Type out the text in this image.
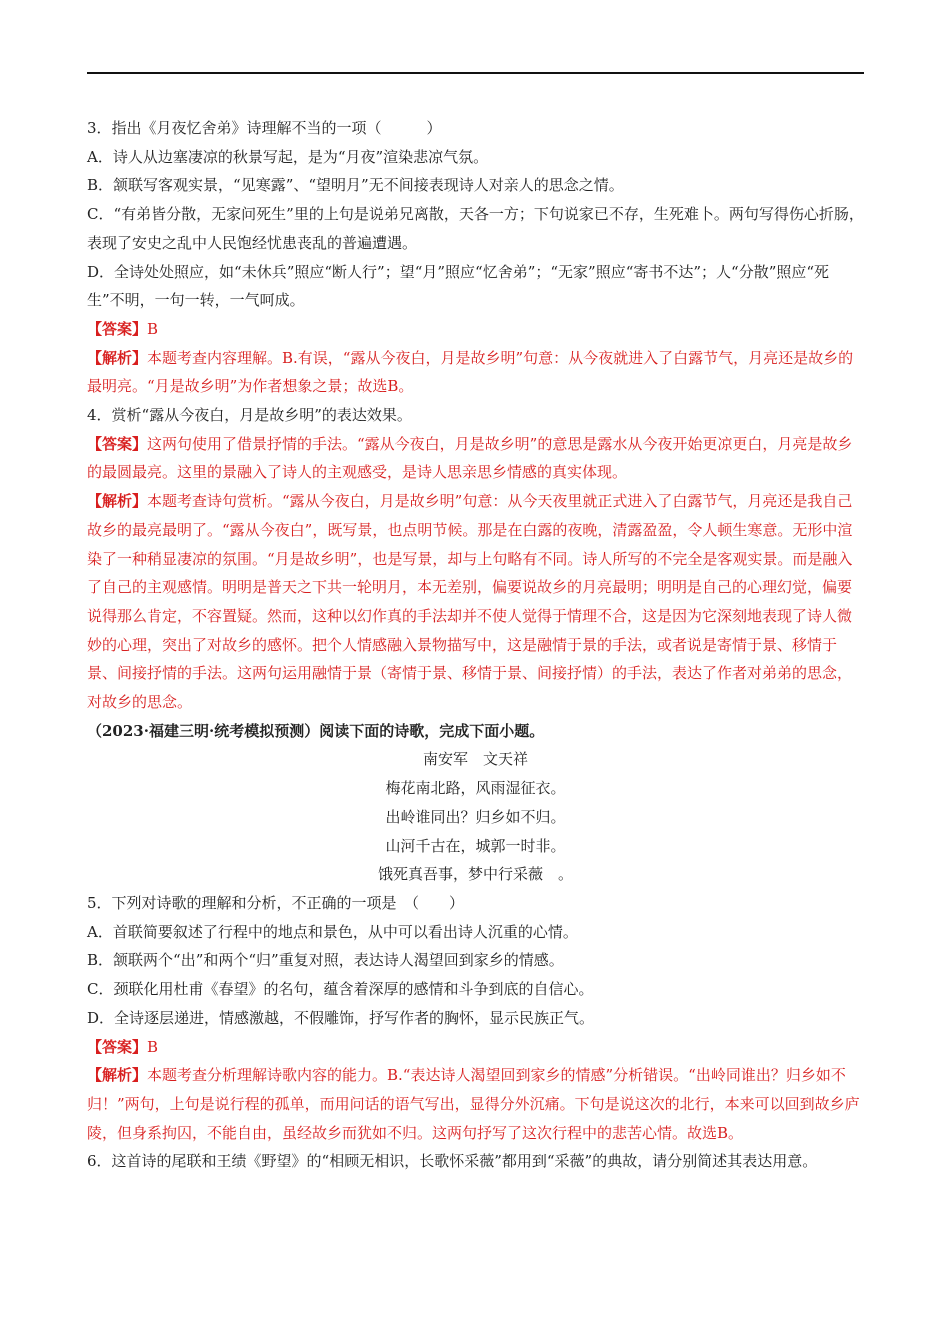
3．指出《月夜忆舍弟》诗理解不当的一项（　　　）

A．诗人从边塞凄凉的秋景写起，是为“月夜”渲染悲凉气氛。

B．颔联写客观实景，“见寒露”、“望明月”无不间接表现诗人对亲人的思念之情。

C．“有弟皆分散，无家问死生”里的上句是说弟兄离散，天各一方；下句说家已不存，生死难卜。两句写得伤心折肠，表现了安史之乱中人民饱经忧患丧乱的普遍遭遇。

D．全诗处处照应，如“未休兵”照应“断人行”；望“月”照应“忆舍弟”；“无家”照应“寄书不达”；人“分散”照应“死生”不明，一句一转，一气呵成。

【答案】B

【解析】本题考查内容理解。B.有误，“露从今夜白，月是故乡明”句意：从今夜就进入了白露节气，月亮还是故乡的最明亮。“月是故乡明”为作者想象之景；故选B。

4．赏析“露从今夜白，月是故乡明”的表达效果。

【答案】这两句使用了借景抒情的手法。“露从今夜白，月是故乡明”的意思是露水从今夜开始更凉更白，月亮是故乡的最圆最亮。这里的景融入了诗人的主观感受，是诗人思亲思乡情感的真实体现。

【解析】本题考查诗句赏析。“露从今夜白，月是故乡明”句意：从今天夜里就正式进入了白露节气，月亮还是我自己故乡的最亮最明了。“露从今夜白”，既写景，也点明节候。那是在白露的夜晚，清露盈盈，令人顿生寒意。无形中渲染了一种稍显凄凉的氛围。“月是故乡明”，也是写景，却与上句略有不同。诗人所写的不完全是客观实景。而是融入了自己的主观感情。明明是普天之下共一轮明月，本无差别，偏要说故乡的月亮最明；明明是自己的心理幻觉，偏要说得那么肯定，不容置疑。然而，这种以幻作真的手法却并不使人觉得于情理不合，这是因为它深刻地表现了诗人微妙的心理，突出了对故乡的感怀。把个人情感融入景物描写中，这是融情于景的手法，或者说是寄情于景、移情于景、间接抒情的手法。这两句运用融情于景（寄情于景、移情于景、间接抒情）的手法，表达了作者对弟弟的思念，对故乡的思念。

（2023·福建三明·统考模拟预测）阅读下面的诗歌，完成下面小题。

南安军　文天祥

梅花南北路，风雨湿征衣。

出岭谁同出？归乡如不归。

山河千古在，城郭一时非。

饿死真吾事，梦中行采薇　。

5．下列对诗歌的理解和分析，不正确的一项是　（　　）

A．首联简要叙述了行程中的地点和景色，从中可以看出诗人沉重的心情。

B．颔联两个“出”和两个“归”重复对照，表达诗人渴望回到家乡的情感。

C．颈联化用杜甫《春望》的名句，蕴含着深厚的感情和斗争到底的自信心。

D．全诗逐层递进，情感激越，不假雕饰，抒写作者的胸怀，显示民族正气。

【答案】B

【解析】本题考查分析理解诗歌内容的能力。B.“表达诗人渴望回到家乡的情感”分析错误。“出岭同谁出？归乡如不归！”两句，上句是说行程的孤单，而用问话的语气写出，显得分外沉痛。下句是说这次的北行，本来可以回到故乡庐陵，但身系拘囚，不能自由，虽经故乡而犹如不归。这两句抒写了这次行程中的悲苦心情。故选B。

6．这首诗的尾联和王绩《野望》的“相顾无相识，长歌怀采薇”都用到“采薇”的典故，请分别简述其表达用意。
